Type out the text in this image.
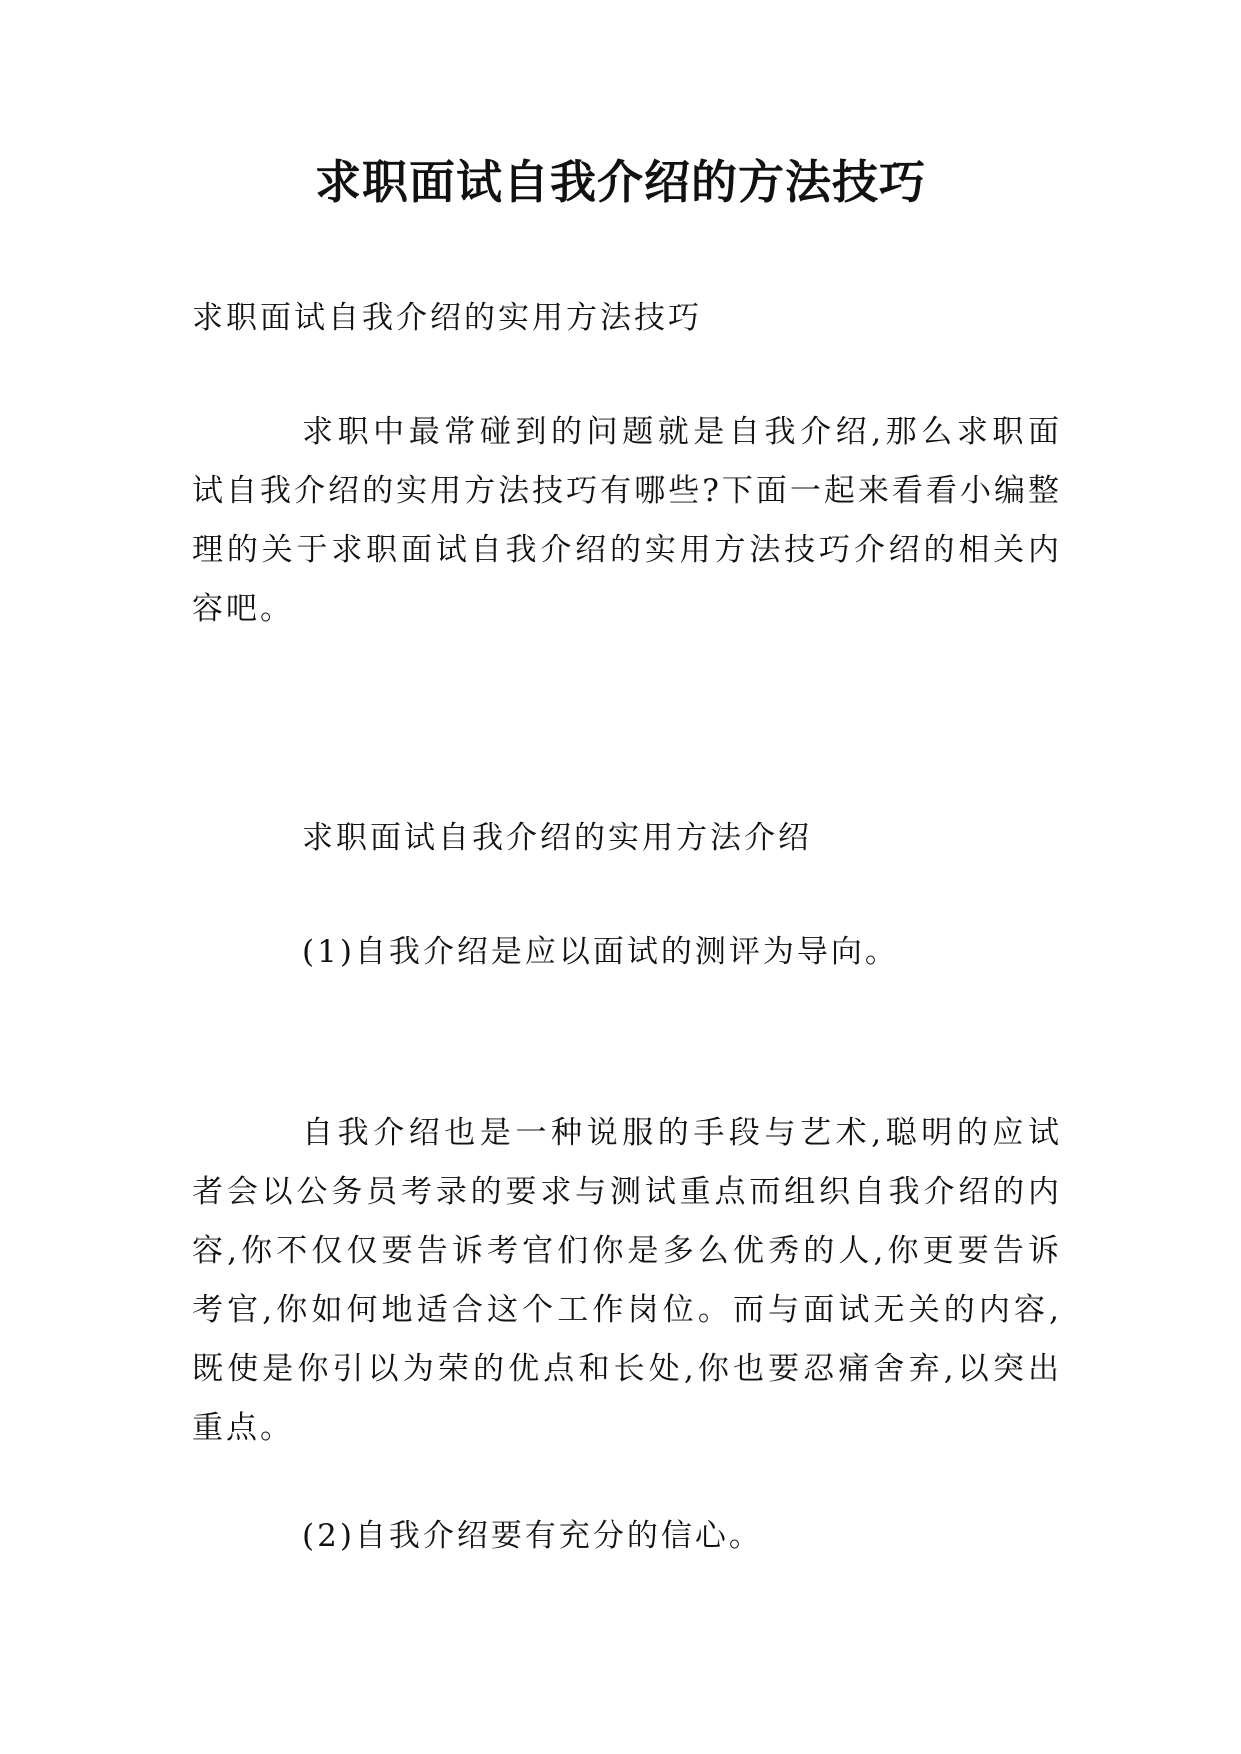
求职面试自我介绍的方法技巧
求职面试自我介绍的实用方法技巧
求职中最常碰到的问题就是自我介绍,那么求职面试自我介绍的实用方法技巧有哪些?下面一起来看看小编整理的关于求职面试自我介绍的实用方法技巧介绍的相关内容吧。
求职面试自我介绍的实用方法介绍
(1)自我介绍是应以面试的测评为导向。
自我介绍也是一种说服的手段与艺术,聪明的应试者会以公务员考录的要求与测试重点而组织自我介绍的内容,你不仅仅要告诉考官们你是多么优秀的人,你更要告诉考官,你如何地适合这个工作岗位。而与面试无关的内容,既使是你引以为荣的优点和长处,你也要忍痛舍弃,以突出重点。
(2)自我介绍要有充分的信心。
